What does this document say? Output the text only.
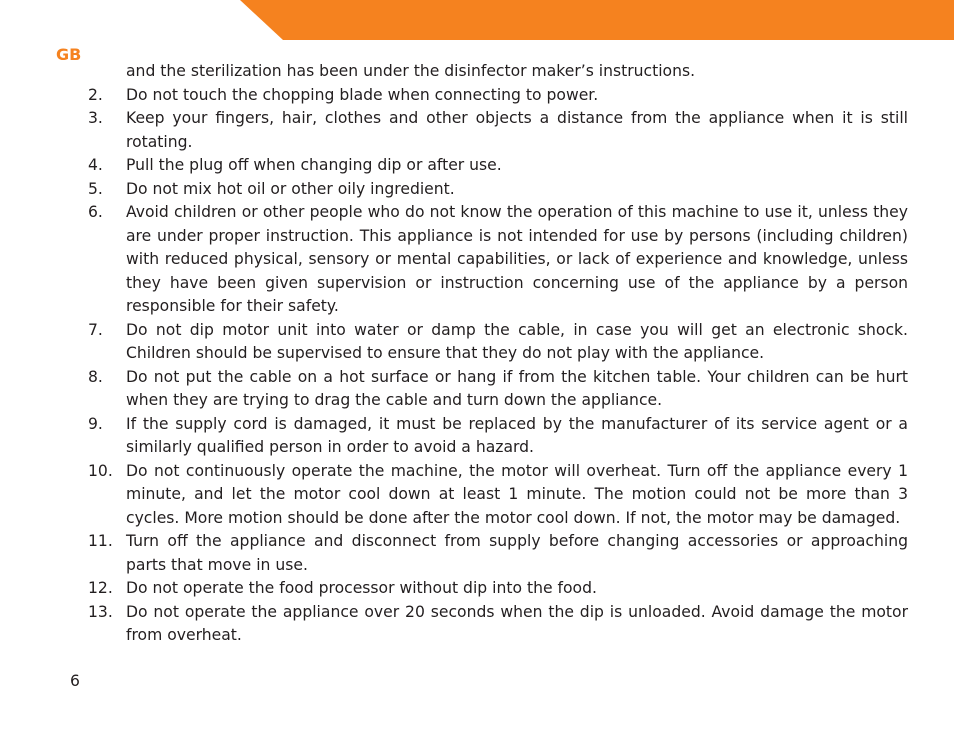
GB
and the sterilization has been under the disinfector maker’s instructions.
2.	Do not touch the chopping blade when connecting to power.
3.	Keep your fingers, hair, clothes and other objects a distance from the appliance when it is still rotating.
4.	Pull the plug off when changing dip or after use.
5.	Do not mix hot oil or other oily ingredient.
6.	Avoid children or other people who do not know the operation of this machine to use it, unless they are under proper instruction. This appliance is not intended for use by persons (including children) with reduced physical, sensory or mental capabilities, or lack of experience and knowledge, unless they have been given supervision or instruction concerning use of the appliance by a person responsible for their safety.
7.	Do not dip motor unit into water or damp the cable, in case you will get an electronic shock. Children should be supervised to ensure that they do not play with the appliance.
8.	Do not put the cable on a hot surface or hang if from the kitchen table. Your children can be hurt when they are trying to drag the cable and turn down the appliance.
9.	If the supply cord is damaged, it must be replaced by the manufacturer of its service agent or a similarly qualified person in order to avoid a hazard.
10. Do not continuously operate the machine, the motor will overheat. Turn off the appliance every 1 minute, and let the motor cool down at least 1 minute. The motion could not be more than 3 cycles. More motion should be done after the motor cool down. If not, the motor may be damaged.
11. Turn off the appliance and disconnect from supply before changing accessories or approaching parts that move in use.
12. Do not operate the food processor without dip into the food.
13. Do not operate the appliance over 20 seconds when the dip is unloaded. Avoid damage the motor from overheat.
6
